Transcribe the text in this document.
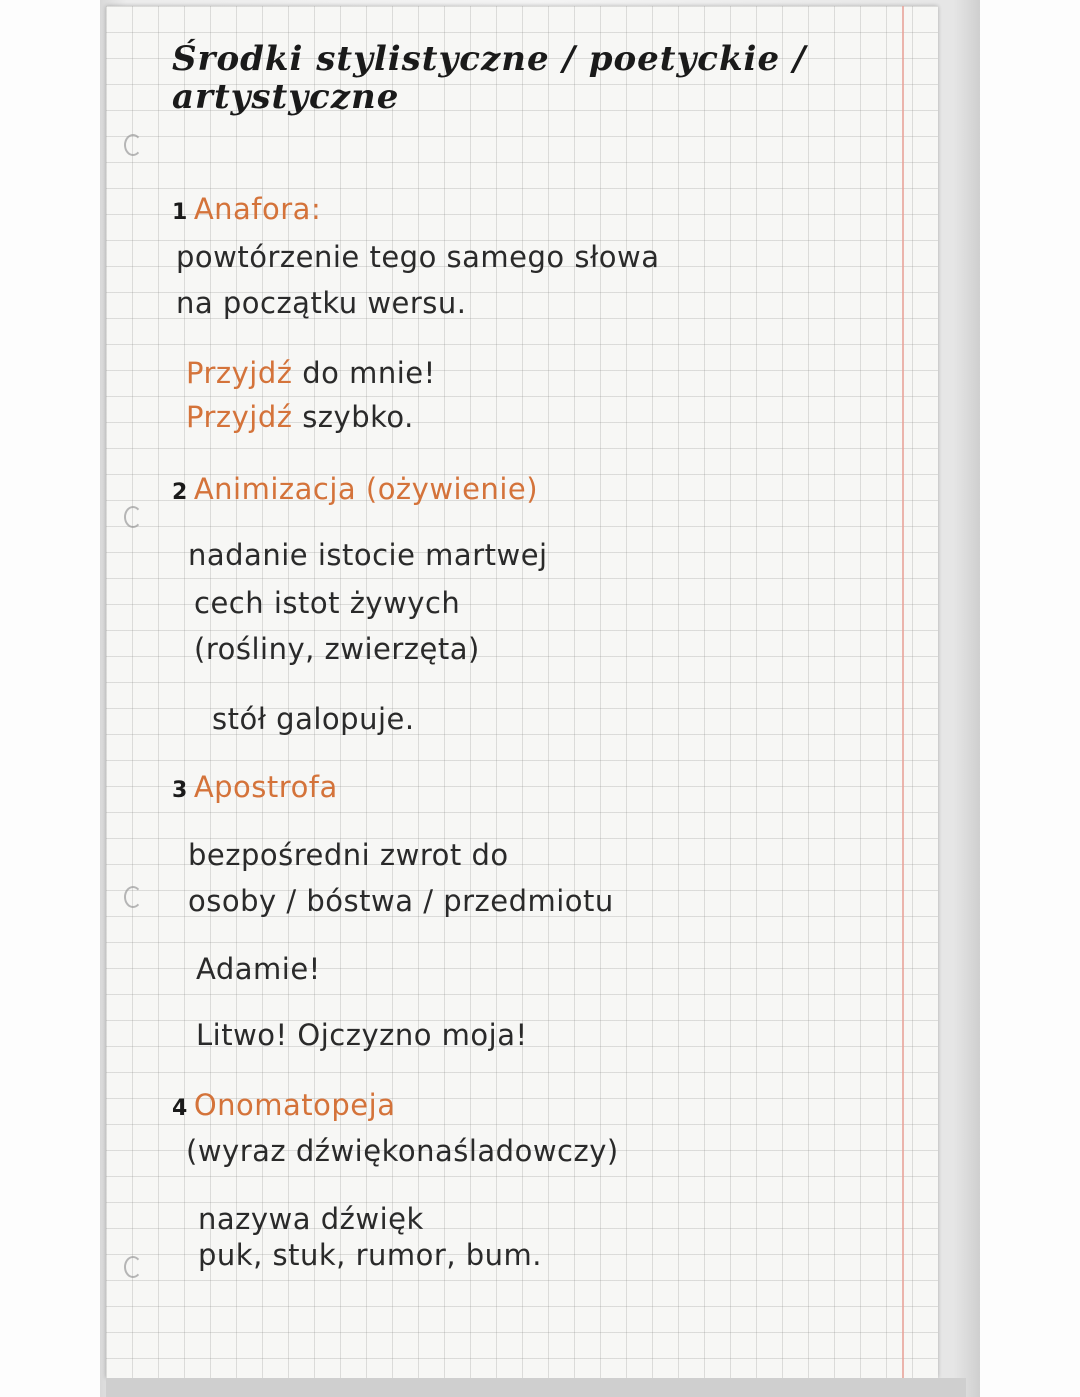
Środki stylistyczne / poetyckie / artystyczne
1 Anafora:
powtórzenie tego samego słowa
na początku wersu.
Przyjdź do mnie!
Przyjdź szybko.
2 Animizacja (ożywienie)
nadanie istocie martwej
cech istot żywych
(rośliny, zwierzęta)
stół galopuje.
3 Apostrofa
bezpośredni zwrot do
osoby / bóstwa / przedmiotu
Adamie!
Litwo! Ojczyzno moja!
4 Onomatopeja
(wyraz dźwiękonaśladowczy)
nazywa dźwięk
puk, stuk, rumor, bum.
